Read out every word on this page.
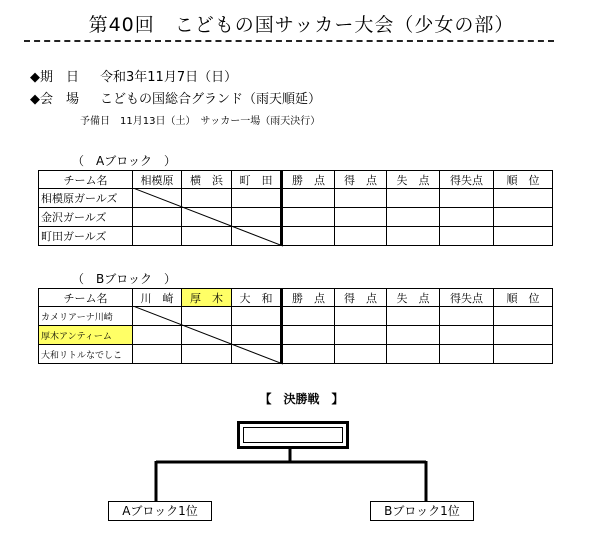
第40回　こどもの国サッカー大会（少女の部）
◆期　日 令和3年11月7日（日）
◆会　場 こどもの国総合グランド（雨天順延）
予備日　11月13日（土）　サッカー一場（雨天決行）
（　Aブロック　）
チーム名	相模原	横　浜	町　田	勝　点	得　点	失　点	得失点	順　位
相模原ガールズ								
金沢ガールズ								
町田ガールズ								
（　Bブロック　）
チーム名	川　崎	厚　木	大　和	勝　点	得　点	失　点	得失点	順　位
カメリアーナ川崎								
厚木アンティーム								
大和リトルなでしこ								
【　決勝戦　】
Aブロック1位	Bブロック1位
